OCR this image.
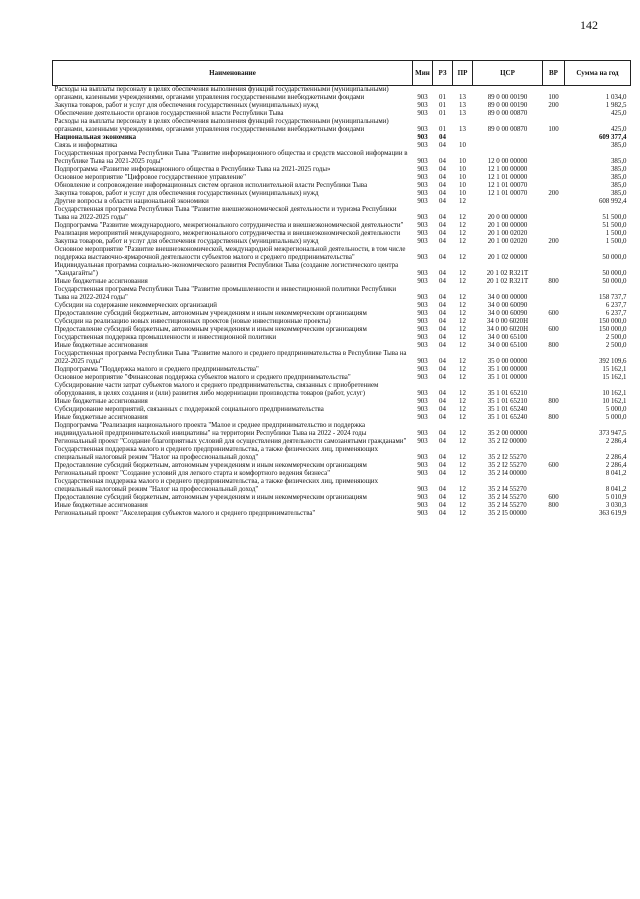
142
Наименование	Мин	РЗ	ПР	ЦСР	ВР	Сумма на год
Расходы на выплаты персоналу в целях обеспечения выполнения функций государственными (муниципальными) органами, казенными учреждениями, органами управления государственными внебюджетными фондами	903	01	13	89 0 00 00190	100	1 034,0
Закупка товаров, работ и услуг для обеспечения государственных (муниципальных) нужд	903	01	13	89 0 00 00190	200	1 982,5
Обеспечение деятельности органов государственной власти Республики Тыва	903	01	13	89 0 00 00870		425,0
Расходы на выплаты персоналу в целях обеспечения выполнения функций государственными (муниципальными) органами, казенными учреждениями, органами управления государственными внебюджетными фондами	903	01	13	89 0 00 00870	100	425,0
Национальная экономика	903	04				609 377,4
Связь и информатика	903	04	10			385,0
Государственная программа Республики Тыва "Развитие информационного общества и средств массовой информации в Республике Тыва на 2021-2025 годы"	903	04	10	12 0 00 00000		385,0
Подпрограмма «Развитие информационного общества в Республике Тыва на 2021-2025 годы»	903	04	10	12 1 00 00000		385,0
Основное мероприятие "Цифровое государственное управление"	903	04	10	12 1 01 00000		385,0
Обновление и сопровождение информационных систем органов исполнительной власти Республики Тыва	903	04	10	12 1 01 00070		385,0
Закупка товаров, работ и услуг для обеспечения государственных (муниципальных) нужд	903	04	10	12 1 01 00070	200	385,0
Другие вопросы в области национальной экономики	903	04	12			608 992,4
Государственная программа Республики Тыва "Развитие внешнеэкономической деятельности и туризма Республики Тыва на 2022-2025 годы"	903	04	12	20 0 00 00000		51 500,0
Подпрограмма "Развитие международного, межрегионального сотрудничества и внешнеэкономической деятельности"	903	04	12	20 1 00 00000		51 500,0
Реализация мероприятий международного, межрегионального сотрудничества и внешнеэкономической деятельности	903	04	12	20 1 00 02020		1 500,0
Закупка товаров, работ и услуг для обеспечения государственных (муниципальных) нужд	903	04	12	20 1 00 02020	200	1 500,0
Основное мероприятие "Развитие внешнеэкономической, международной межрегиональной деятельности, в том числе поддержка выставочно-ярмарочной деятельности субъектов малого и среднего предпринимательства"	903	04	12	20 1 02 00000		50 000,0
Индивидуальная программа социально-экономического развития Республики Тыва (создание логистического центра "Хандагайты")	903	04	12	20 1 02 R321T		50 000,0
Иные бюджетные ассигнования	903	04	12	20 1 02 R321T	800	50 000,0
Государственная программа Республики Тыва "Развитие промышленности и инвестиционной политики Республики Тыва на 2022-2024 годы"	903	04	12	34 0 00 00000		158 737,7
Субсидии на содержание некоммерческих организаций	903	04	12	34 0 00 60090		6 237,7
Предоставление субсидий бюджетным, автономным учреждениям и иным некоммерческим организациям	903	04	12	34 0 00 60090	600	6 237,7
Субсидии на реализацию новых инвестиционных проектов (новые инвестиционные проекты)	903	04	12	34 0 00 6020Н		150 000,0
Предоставление субсидий бюджетным, автономным учреждениям и иным некоммерческим организациям	903	04	12	34 0 00 6020Н	600	150 000,0
Государственная поддержка промышленности и инвестиционной политики	903	04	12	34 0 00 65100		2 500,0
Иные бюджетные ассигнования	903	04	12	34 0 00 65100	800	2 500,0
Государственная программа Республики Тыва "Развитие малого и среднего предпринимательства в Республике Тыва на 2022-2025 годы"	903	04	12	35 0 00 00000		392 109,6
Подпрограмма "Поддержка малого и среднего предпринимательства"	903	04	12	35 1 00 00000		15 162,1
Основное мероприятие "Финансовая поддержка субъектов малого и среднего предпринимательства"	903	04	12	35 1 01 00000		15 162,1
Субсидирование части затрат субъектов малого и среднего предпринимательства, связанных с приобретением оборудования, в целях создания и (или) развития либо модернизации производства товаров (работ, услуг)	903	04	12	35 1 01 65210		10 162,1
Иные бюджетные ассигнования	903	04	12	35 1 01 65210	800	10 162,1
Субсидирование мероприятий, связанных с поддержкой социального предпринимательства	903	04	12	35 1 01 65240		5 000,0
Иные бюджетные ассигнования	903	04	12	35 1 01 65240	800	5 000,0
Подпрограмма "Реализация национального проекта "Малое и среднее предпринимательство и поддержка индивидуальной предпринимательской инициативы" на территории Республики Тыва на 2022 - 2024 годы	903	04	12	35 2 00 00000		373 947,5
Региональный проект "Создание благоприятных условий для осуществления деятельности самозанятыми гражданами"	903	04	12	35 2 I2 00000		2 286,4
Государственная поддержка малого и среднего предпринимательства, а также физических лиц, применяющих специальный налоговый режим "Налог на профессиональный доход"	903	04	12	35 2 I2 55270		2 286,4
Предоставление субсидий бюджетным, автономным учреждениям и иным некоммерческим организациям	903	04	12	35 2 I2 55270	600	2 286,4
Региональный проект "Создание условий для легкого старта и комфортного ведения бизнеса"	903	04	12	35 2 I4 00000		8 041,2
Государственная поддержка малого и среднего предпринимательства, а также физических лиц, применяющих специальный налоговый режим "Налог на профессиональный доход"	903	04	12	35 2 I4 55270		8 041,2
Предоставление субсидий бюджетным, автономным учреждениям и иным некоммерческим организациям	903	04	12	35 2 I4 55270	600	5 010,9
Иные бюджетные ассигнования	903	04	12	35 2 I4 55270	800	3 030,3
Региональный проект "Акселерация субъектов малого и среднего предпринимательства"	903	04	12	35 2 I5 00000		363 619,9
